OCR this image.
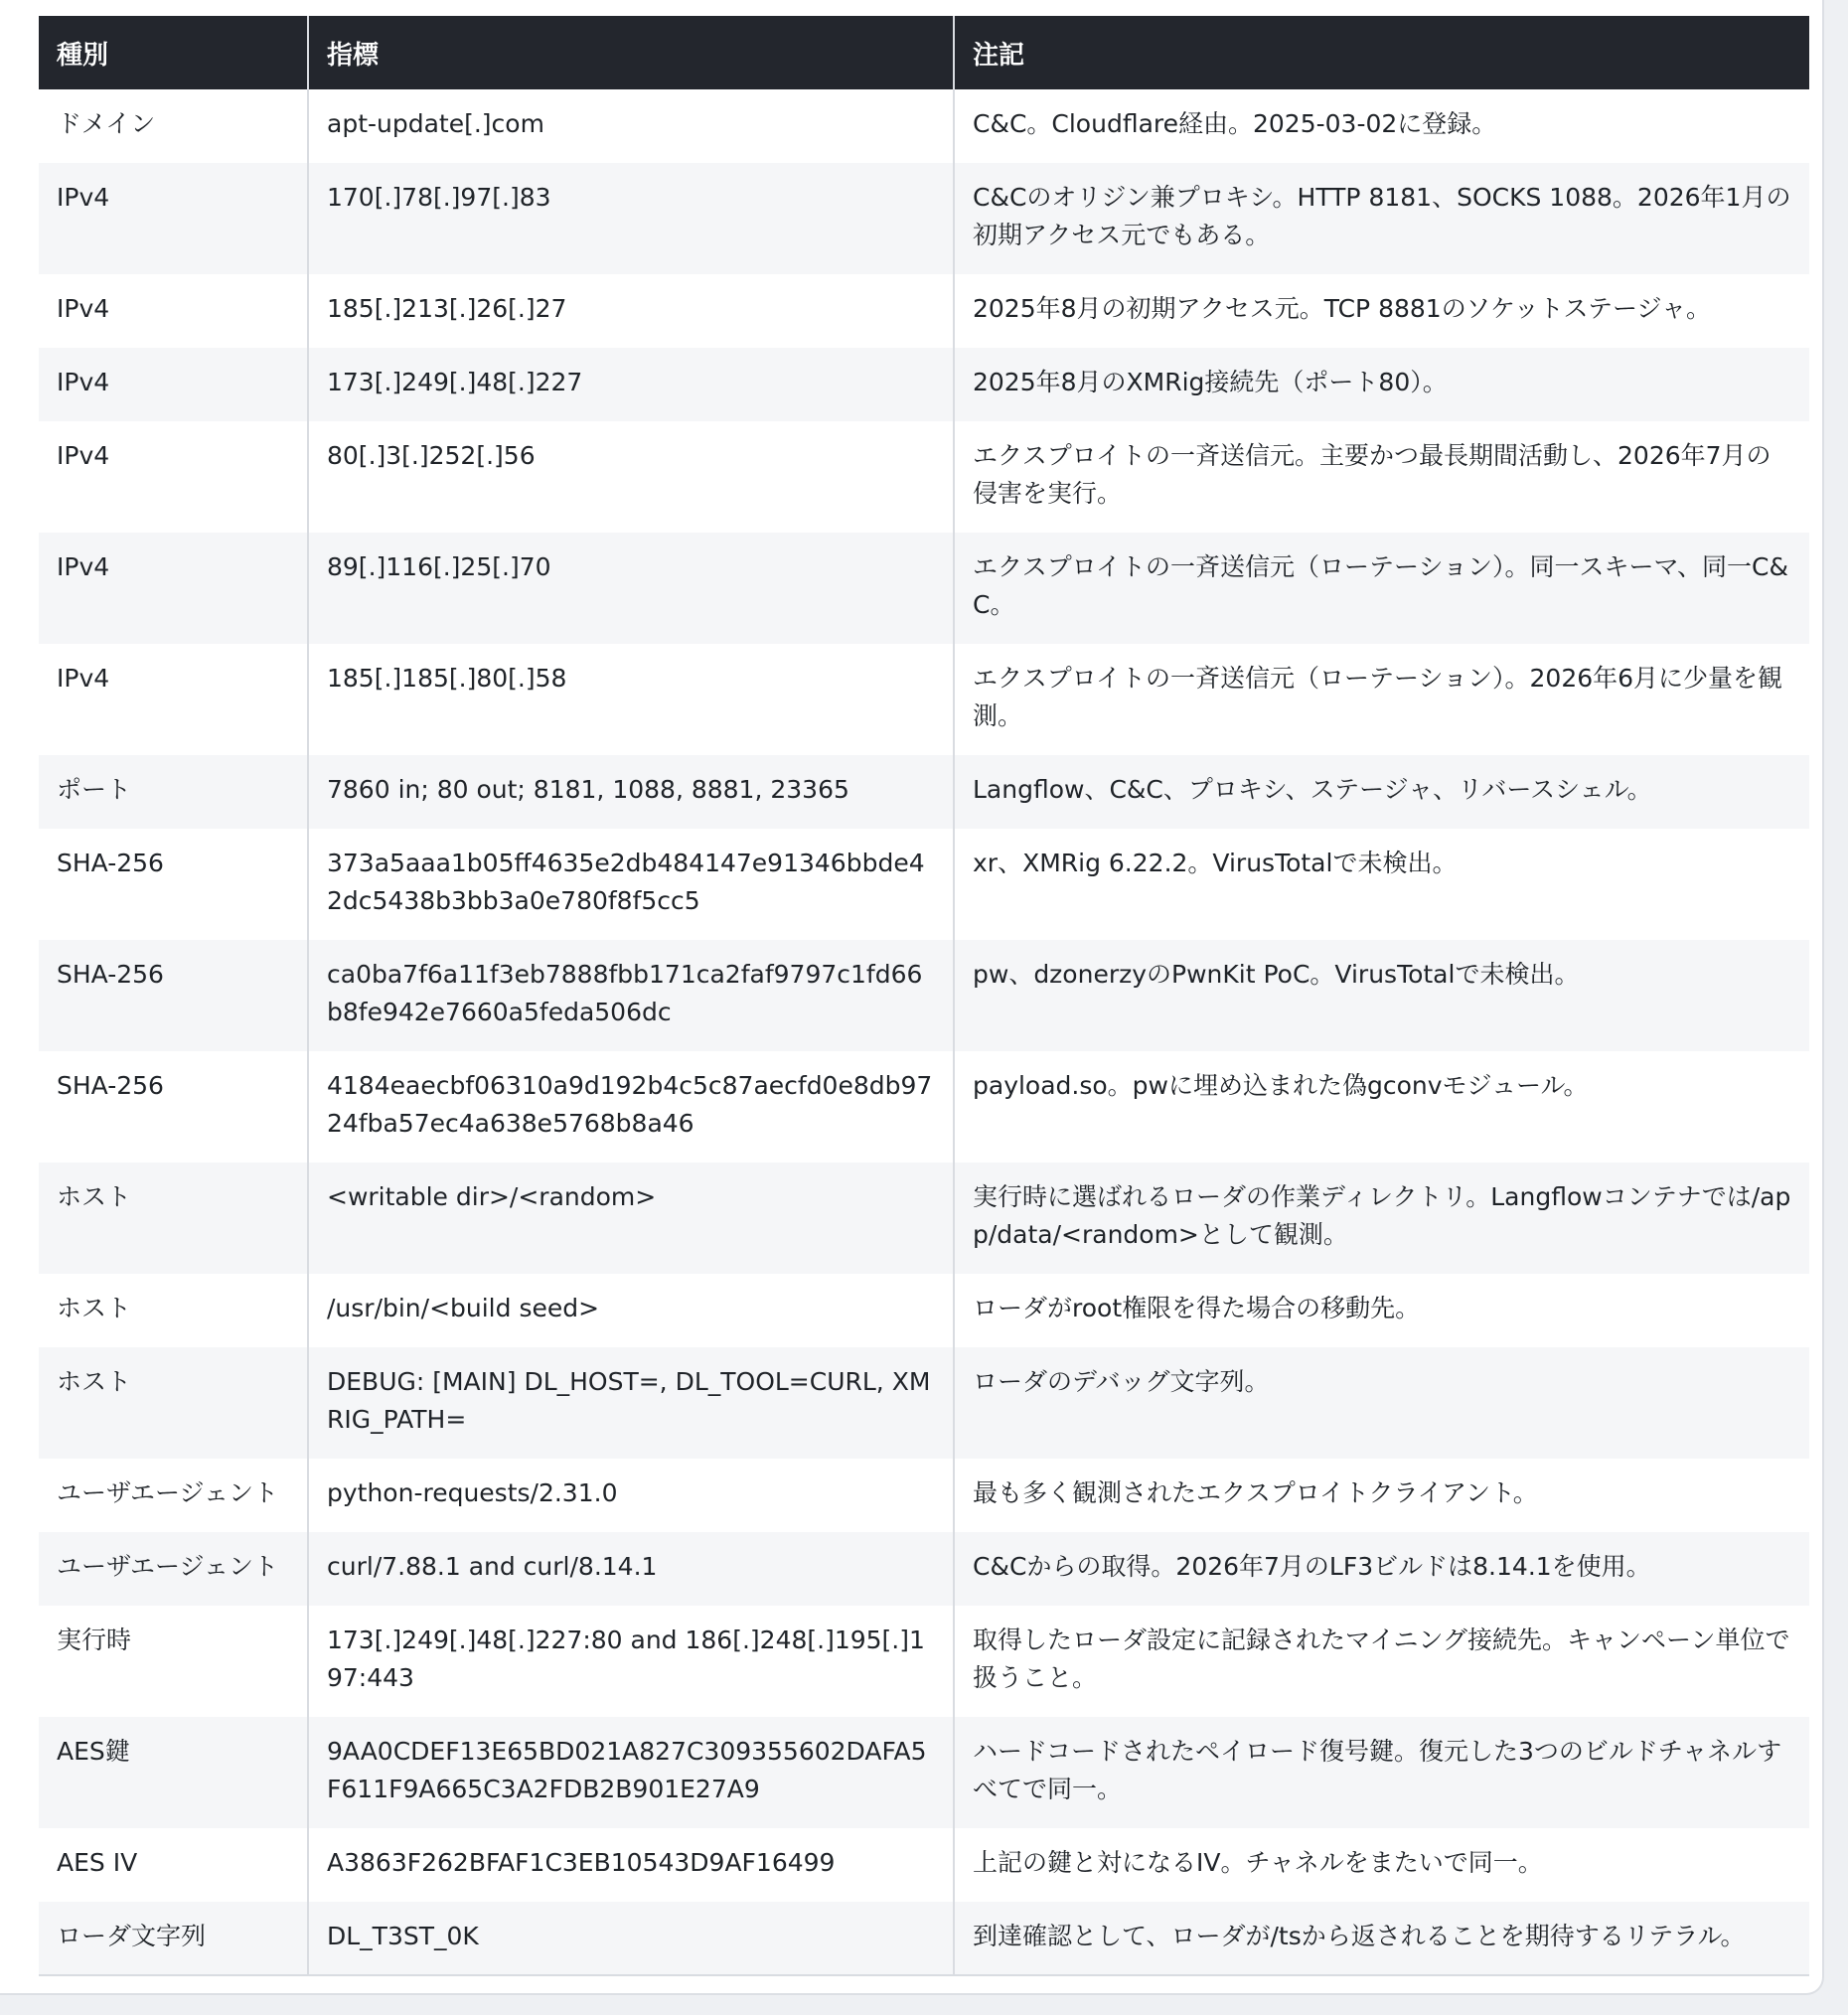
種別	指標	注記
ドメイン	apt-update[.]com	C&C。Cloudflare経由。2025-03-02に登録。
IPv4	170[.]78[.]97[.]83	C&Cのオリジン兼プロキシ。HTTP 8181、SOCKS 1088。2026年1月の初期アクセス元でもある。
IPv4	185[.]213[.]26[.]27	2025年8月の初期アクセス元。TCP 8881のソケットステージャ。
IPv4	173[.]249[.]48[.]227	2025年8月のXMRig接続先（ポート80）。
IPv4	80[.]3[.]252[.]56	エクスプロイトの一斉送信元。主要かつ最長期間活動し、2026年7月の侵害を実行。
IPv4	89[.]116[.]25[.]70	エクスプロイトの一斉送信元（ローテーション）。同一スキーマ、同一C&C。
IPv4	185[.]185[.]80[.]58	エクスプロイトの一斉送信元（ローテーション）。2026年6月に少量を観測。
ポート	7860 in; 80 out; 8181, 1088, 8881, 23365	Langflow、C&C、プロキシ、ステージャ、リバースシェル。
SHA-256	373a5aaa1b05ff4635e2db484147e91346bbde42dc5438b3bb3a0e780f8f5cc5	xr、XMRig 6.22.2。VirusTotalで未検出。
SHA-256	ca0ba7f6a11f3eb7888fbb171ca2faf9797c1fd66b8fe942e7660a5feda506dc	pw、dzonerzyのPwnKit PoC。VirusTotalで未検出。
SHA-256	4184eaecbf06310a9d192b4c5c87aecfd0e8db9724fba57ec4a638e5768b8a46	payload.so。pwに埋め込まれた偽gconvモジュール。
ホスト	<writable dir>/<random>	実行時に選ばれるローダの作業ディレクトリ。Langflowコンテナでは/app/data/<random>として観測。
ホスト	/usr/bin/<build seed>	ローダがroot権限を得た場合の移動先。
ホスト	DEBUG: [MAIN] DL_HOST=, DL_TOOL=CURL, XMRIG_PATH=	ローダのデバッグ文字列。
ユーザエージェント	python-requests/2.31.0	最も多く観測されたエクスプロイトクライアント。
ユーザエージェント	curl/7.88.1 and curl/8.14.1	C&Cからの取得。2026年7月のLF3ビルドは8.14.1を使用。
実行時	173[.]249[.]48[.]227:80 and 186[.]248[.]195[.]197:443	取得したローダ設定に記録されたマイニング接続先。キャンペーン単位で扱うこと。
AES鍵	9AA0CDEF13E65BD021A827C309355602DAFA5F611F9A665C3A2FDB2B901E27A9	ハードコードされたペイロード復号鍵。復元した3つのビルドチャネルすべてで同一。
AES IV	A3863F262BFAF1C3EB10543D9AF16499	上記の鍵と対になるIV。チャネルをまたいで同一。
ローダ文字列	DL_T3ST_0K	到達確認として、ローダが/tsから返されることを期待するリテラル。
